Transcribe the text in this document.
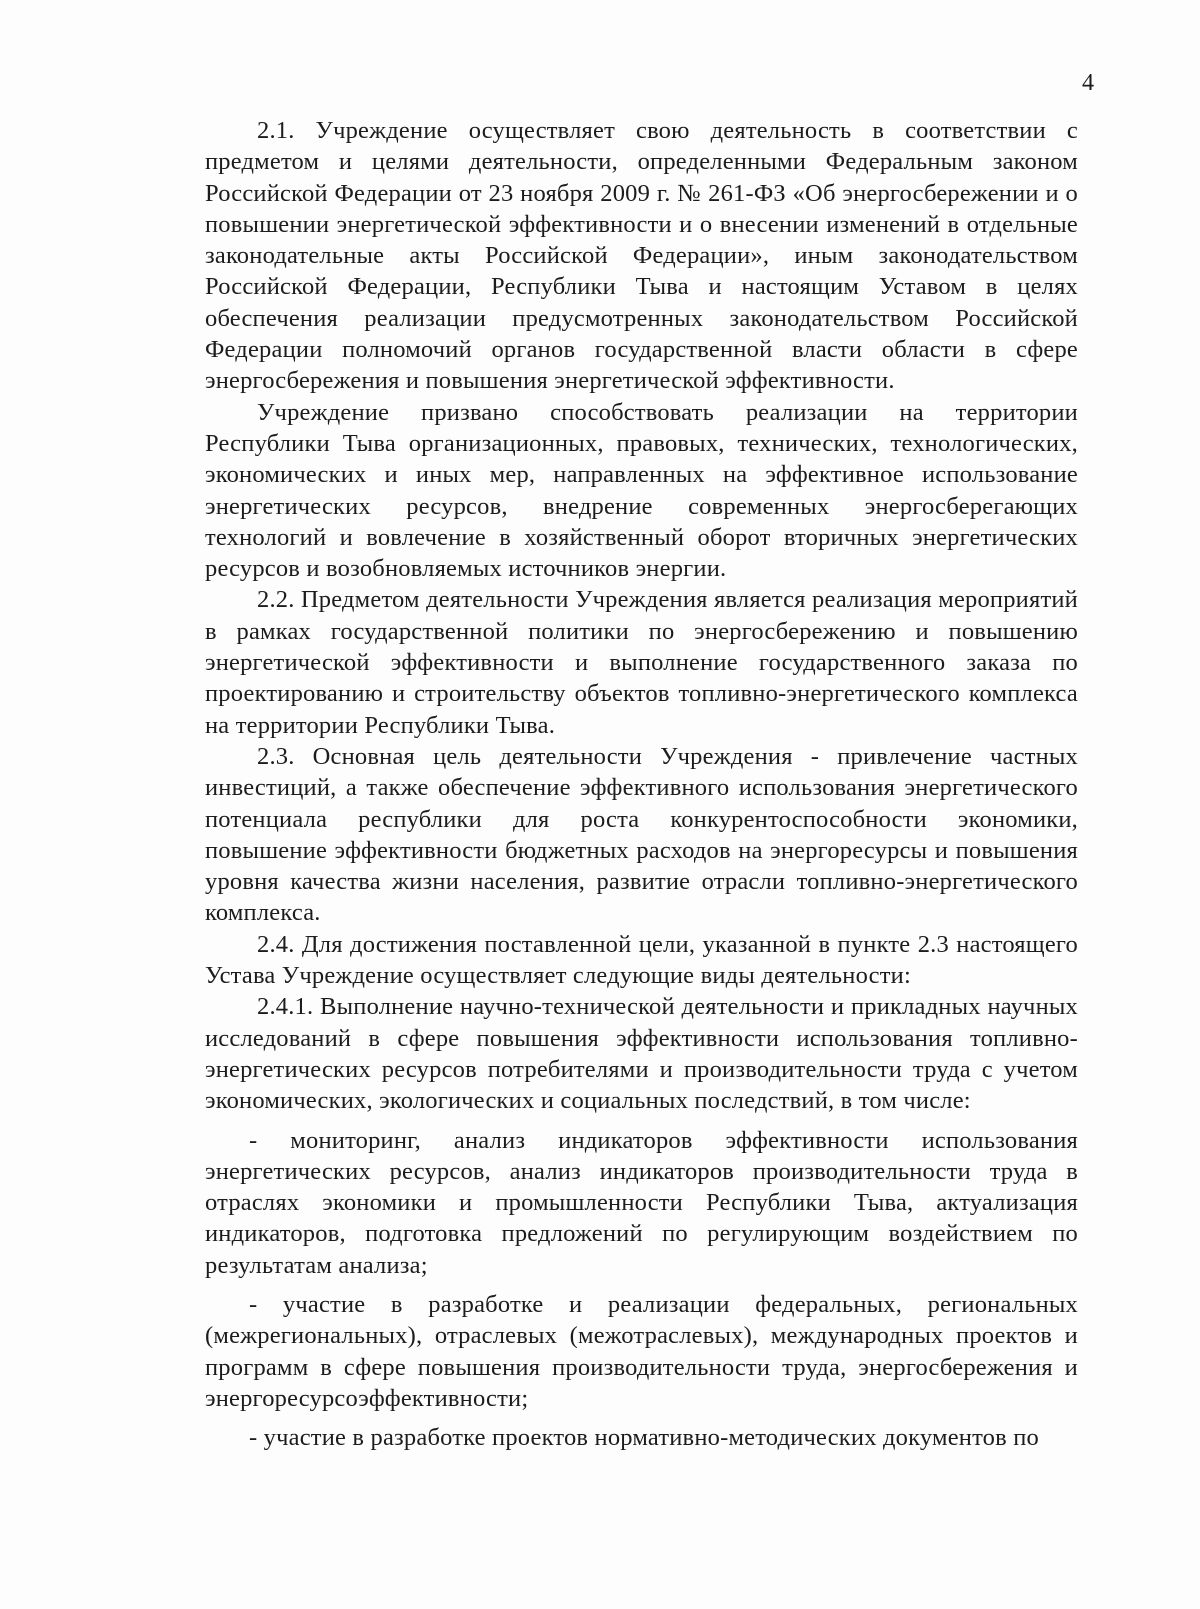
4

2.1. Учреждение осуществляет свою деятельность в соответствии с предметом и целями деятельности, определенными Федеральным законом Российской Федерации от 23 ноября 2009 г. № 261-ФЗ «Об энергосбережении и о повышении энергетической эффективности и о внесении изменений в отдельные законодательные акты Российской Федерации», иным законодательством Российской Федерации, Республики Тыва и настоящим Уставом в целях обеспечения реализации предусмотренных законодательством Российской Федерации полномочий органов государственной власти области в сфере энергосбережения и повышения энергетической эффективности.

Учреждение призвано способствовать реализации на территории Республики Тыва организационных, правовых, технических, технологических, экономических и иных мер, направленных на эффективное использование энергетических ресурсов, внедрение современных энергосберегающих технологий и вовлечение в хозяйственный оборот вторичных энергетических ресурсов и возобновляемых источников энергии.

2.2. Предметом деятельности Учреждения является реализация мероприятий в рамках государственной политики по энергосбережению и повышению энергетической эффективности и выполнение государственного заказа по проектированию и строительству объектов топливно-энергетического комплекса на территории Республики Тыва.

2.3. Основная цель деятельности Учреждения - привлечение частных инвестиций, а также обеспечение эффективного использования энергетического потенциала республики для роста конкурентоспособности экономики, повышение эффективности бюджетных расходов на энергоресурсы и повышения уровня качества жизни населения, развитие отрасли топливно-энергетического комплекса.

2.4. Для достижения поставленной цели, указанной в пункте 2.3 настоящего Устава Учреждение осуществляет следующие виды деятельности:

2.4.1. Выполнение научно-технической деятельности и прикладных научных исследований в сфере повышения эффективности использования топливно-энергетических ресурсов потребителями и производительности труда с учетом экономических, экологических и социальных последствий, в том числе:

- мониторинг, анализ индикаторов эффективности использования энергетических ресурсов, анализ индикаторов производительности труда в отраслях экономики и промышленности Республики Тыва, актуализация индикаторов, подготовка предложений по регулирующим воздействием по результатам анализа;

- участие в разработке и реализации федеральных, региональных (межрегиональных), отраслевых (межотраслевых), международных проектов и программ в сфере повышения производительности труда, энергосбережения и энергоресурсоэффективности;

- участие в разработке проектов нормативно-методических документов по
